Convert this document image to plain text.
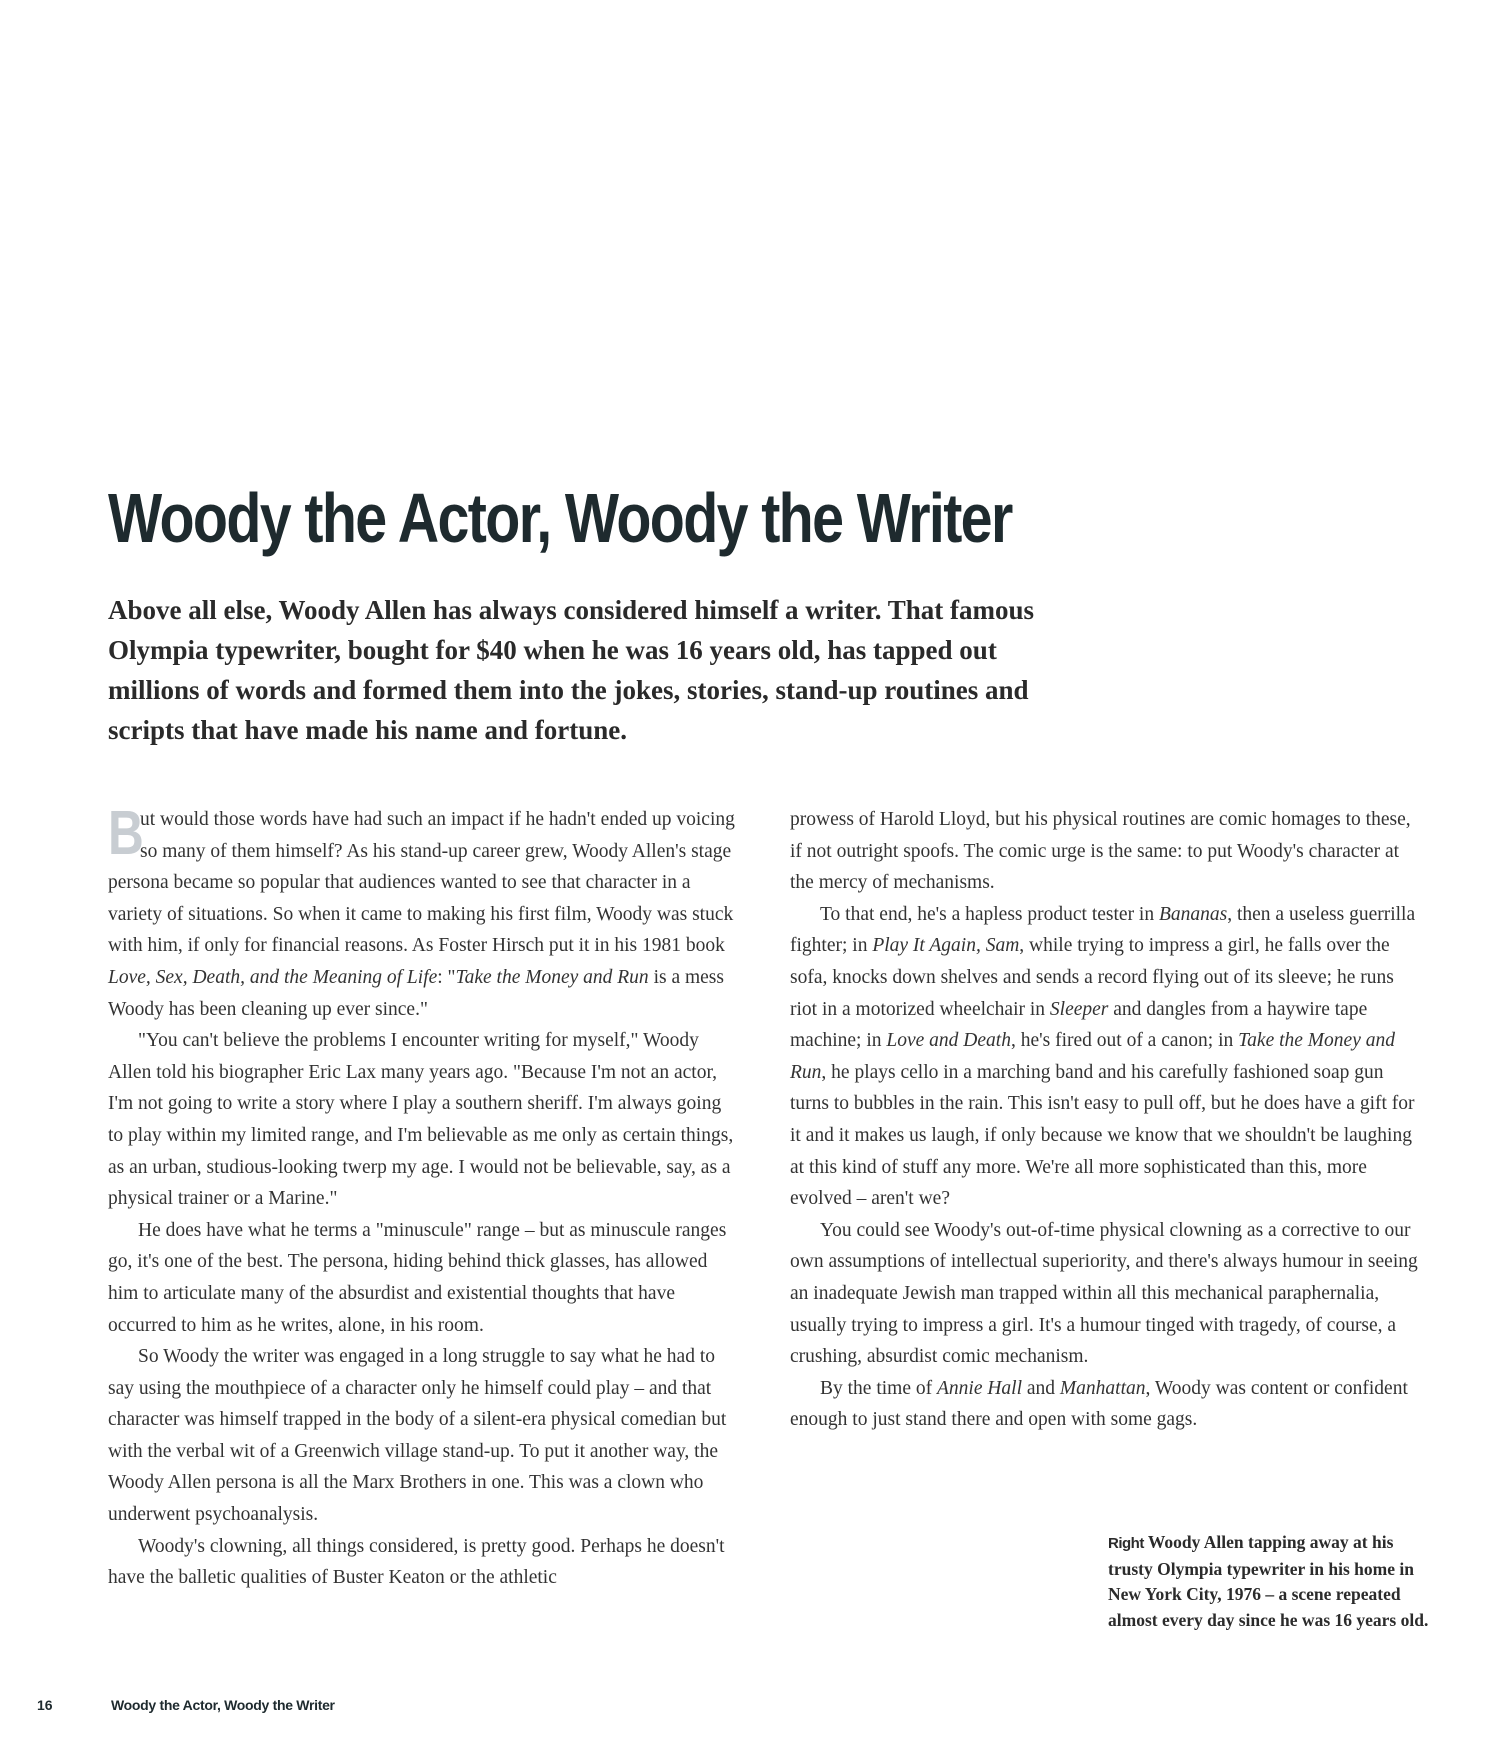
Woody the Actor, Woody the Writer

Above all else, Woody Allen has always considered himself a writer. That famous Olympia typewriter, bought for $40 when he was 16 years old, has tapped out millions of words and formed them into the jokes, stories, stand-up routines and scripts that have made his name and fortune.

B
ut would those words have had such an impact if he hadn't ended up voicing so many of them himself? As his stand-up career grew, Woody Allen's stage persona became so popular that audiences wanted to see that character in a variety of situations. So when it came to making his first film, Woody was stuck with him, if only for financial reasons. As Foster Hirsch put it in his 1981 book Love, Sex, Death, and the Meaning of Life: "Take the Money and Run is a mess Woody has been cleaning up ever since."

"You can't believe the problems I encounter writing for myself," Woody Allen told his biographer Eric Lax many years ago. "Because I'm not an actor, I'm not going to write a story where I play a southern sheriff. I'm always going to play within my limited range, and I'm believable as me only as certain things, as an urban, studious-looking twerp my age. I would not be believable, say, as a physical trainer or a Marine."

He does have what he terms a "minuscule" range – but as minuscule ranges go, it's one of the best. The persona, hiding behind thick glasses, has allowed him to articulate many of the absurdist and existential thoughts that have occurred to him as he writes, alone, in his room.

So Woody the writer was engaged in a long struggle to say what he had to say using the mouthpiece of a character only he himself could play – and that character was himself trapped in the body of a silent-era physical comedian but with the verbal wit of a Greenwich village stand-up. To put it another way, the Woody Allen persona is all the Marx Brothers in one. This was a clown who underwent psychoanalysis.

Woody's clowning, all things considered, is pretty good. Perhaps he doesn't have the balletic qualities of Buster Keaton or the athletic

prowess of Harold Lloyd, but his physical routines are comic homages to these, if not outright spoofs. The comic urge is the same: to put Woody's character at the mercy of mechanisms.

To that end, he's a hapless product tester in Bananas, then a useless guerrilla fighter; in Play It Again, Sam, while trying to impress a girl, he falls over the sofa, knocks down shelves and sends a record flying out of its sleeve; he runs riot in a motorized wheelchair in Sleeper and dangles from a haywire tape machine; in Love and Death, he's fired out of a canon; in Take the Money and Run, he plays cello in a marching band and his carefully fashioned soap gun turns to bubbles in the rain. This isn't easy to pull off, but he does have a gift for it and it makes us laugh, if only because we know that we shouldn't be laughing at this kind of stuff any more. We're all more sophisticated than this, more evolved – aren't we?

You could see Woody's out-of-time physical clowning as a corrective to our own assumptions of intellectual superiority, and there's always humour in seeing an inadequate Jewish man trapped within all this mechanical paraphernalia, usually trying to impress a girl. It's a humour tinged with tragedy, of course, a crushing, absurdist comic mechanism.

By the time of Annie Hall and Manhattan, Woody was content or confident enough to just stand there and open with some gags.

Right Woody Allen tapping away at his trusty Olympia typewriter in his home in New York City, 1976 – a scene repeated almost every day since he was 16 years old.

16	Woody the Actor, Woody the Writer
